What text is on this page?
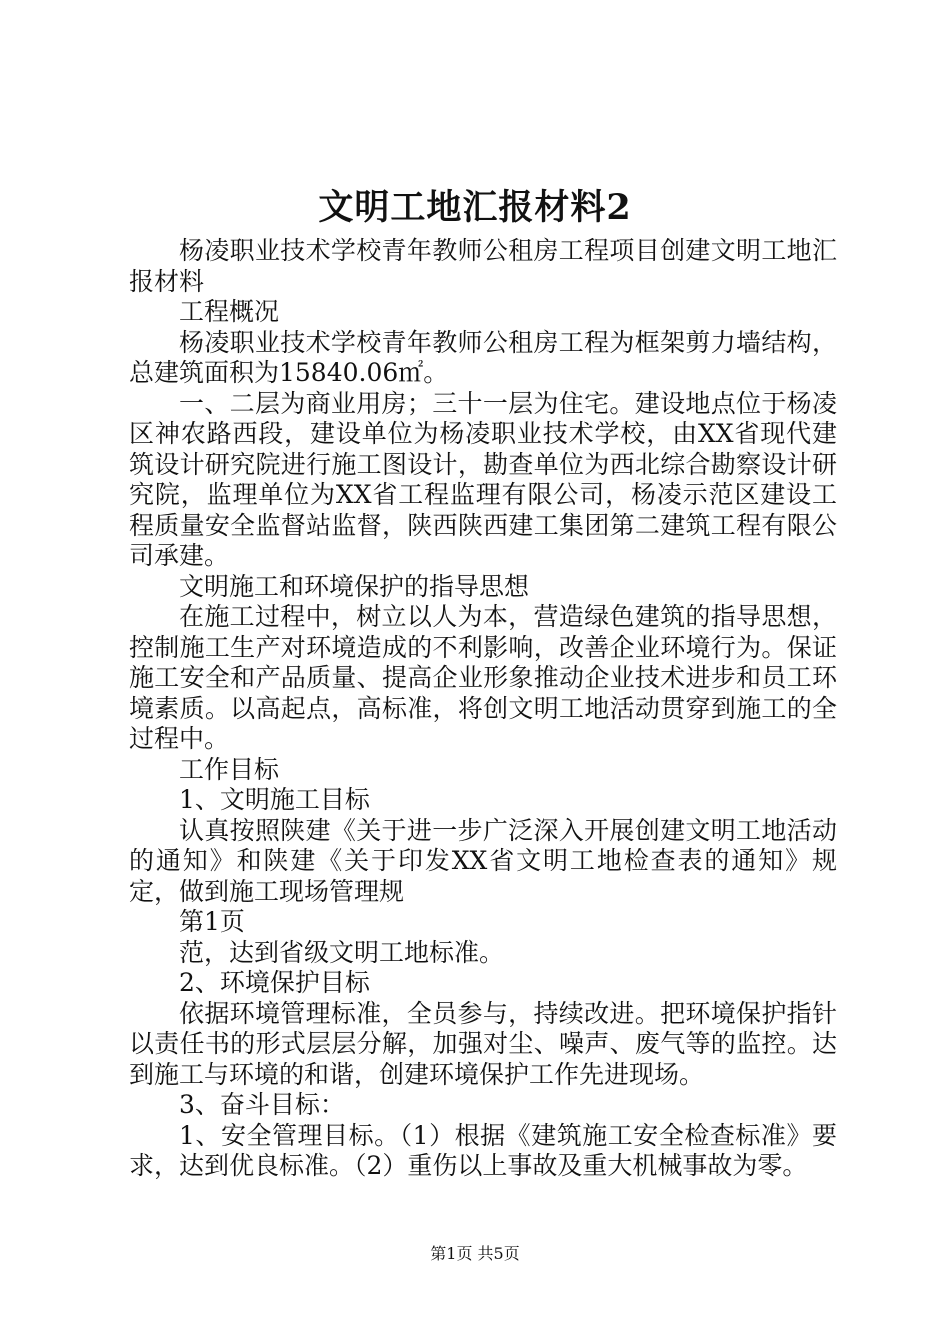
文明工地汇报材料2

杨凌职业技术学校青年教师公租房工程项目创建文明工地汇报材料

工程概况

杨凌职业技术学校青年教师公租房工程为框架剪力墙结构，总建筑面积为15840.06㎡。

一、二层为商业用房；三十一层为住宅。建设地点位于杨凌区神农路西段，建设单位为杨凌职业技术学校，由XX省现代建筑设计研究院进行施工图设计，勘查单位为西北综合勘察设计研究院，监理单位为XX省工程监理有限公司，杨凌示范区建设工程质量安全监督站监督，陕西陕西建工集团第二建筑工程有限公司承建。

文明施工和环境保护的指导思想

在施工过程中，树立以人为本，营造绿色建筑的指导思想，控制施工生产对环境造成的不利影响，改善企业环境行为。保证施工安全和产品质量、提高企业形象推动企业技术进步和员工环境素质。以高起点，高标准，将创文明工地活动贯穿到施工的全过程中。

工作目标

1、文明施工目标

认真按照陕建《关于进一步广泛深入开展创建文明工地活动的通知》和陕建《关于印发XX省文明工地检查表的通知》规定，做到施工现场管理规

第1页

范，达到省级文明工地标准。

2、环境保护目标

依据环境管理标准，全员参与，持续改进。把环境保护指针以责任书的形式层层分解，加强对尘、噪声、废气等的监控。达到施工与环境的和谐，创建环境保护工作先进现场。

3、奋斗目标：

1、安全管理目标。（1）根据《建筑施工安全检查标准》要求，达到优良标准。（2）重伤以上事故及重大机械事故为零。

第1页 共5页
